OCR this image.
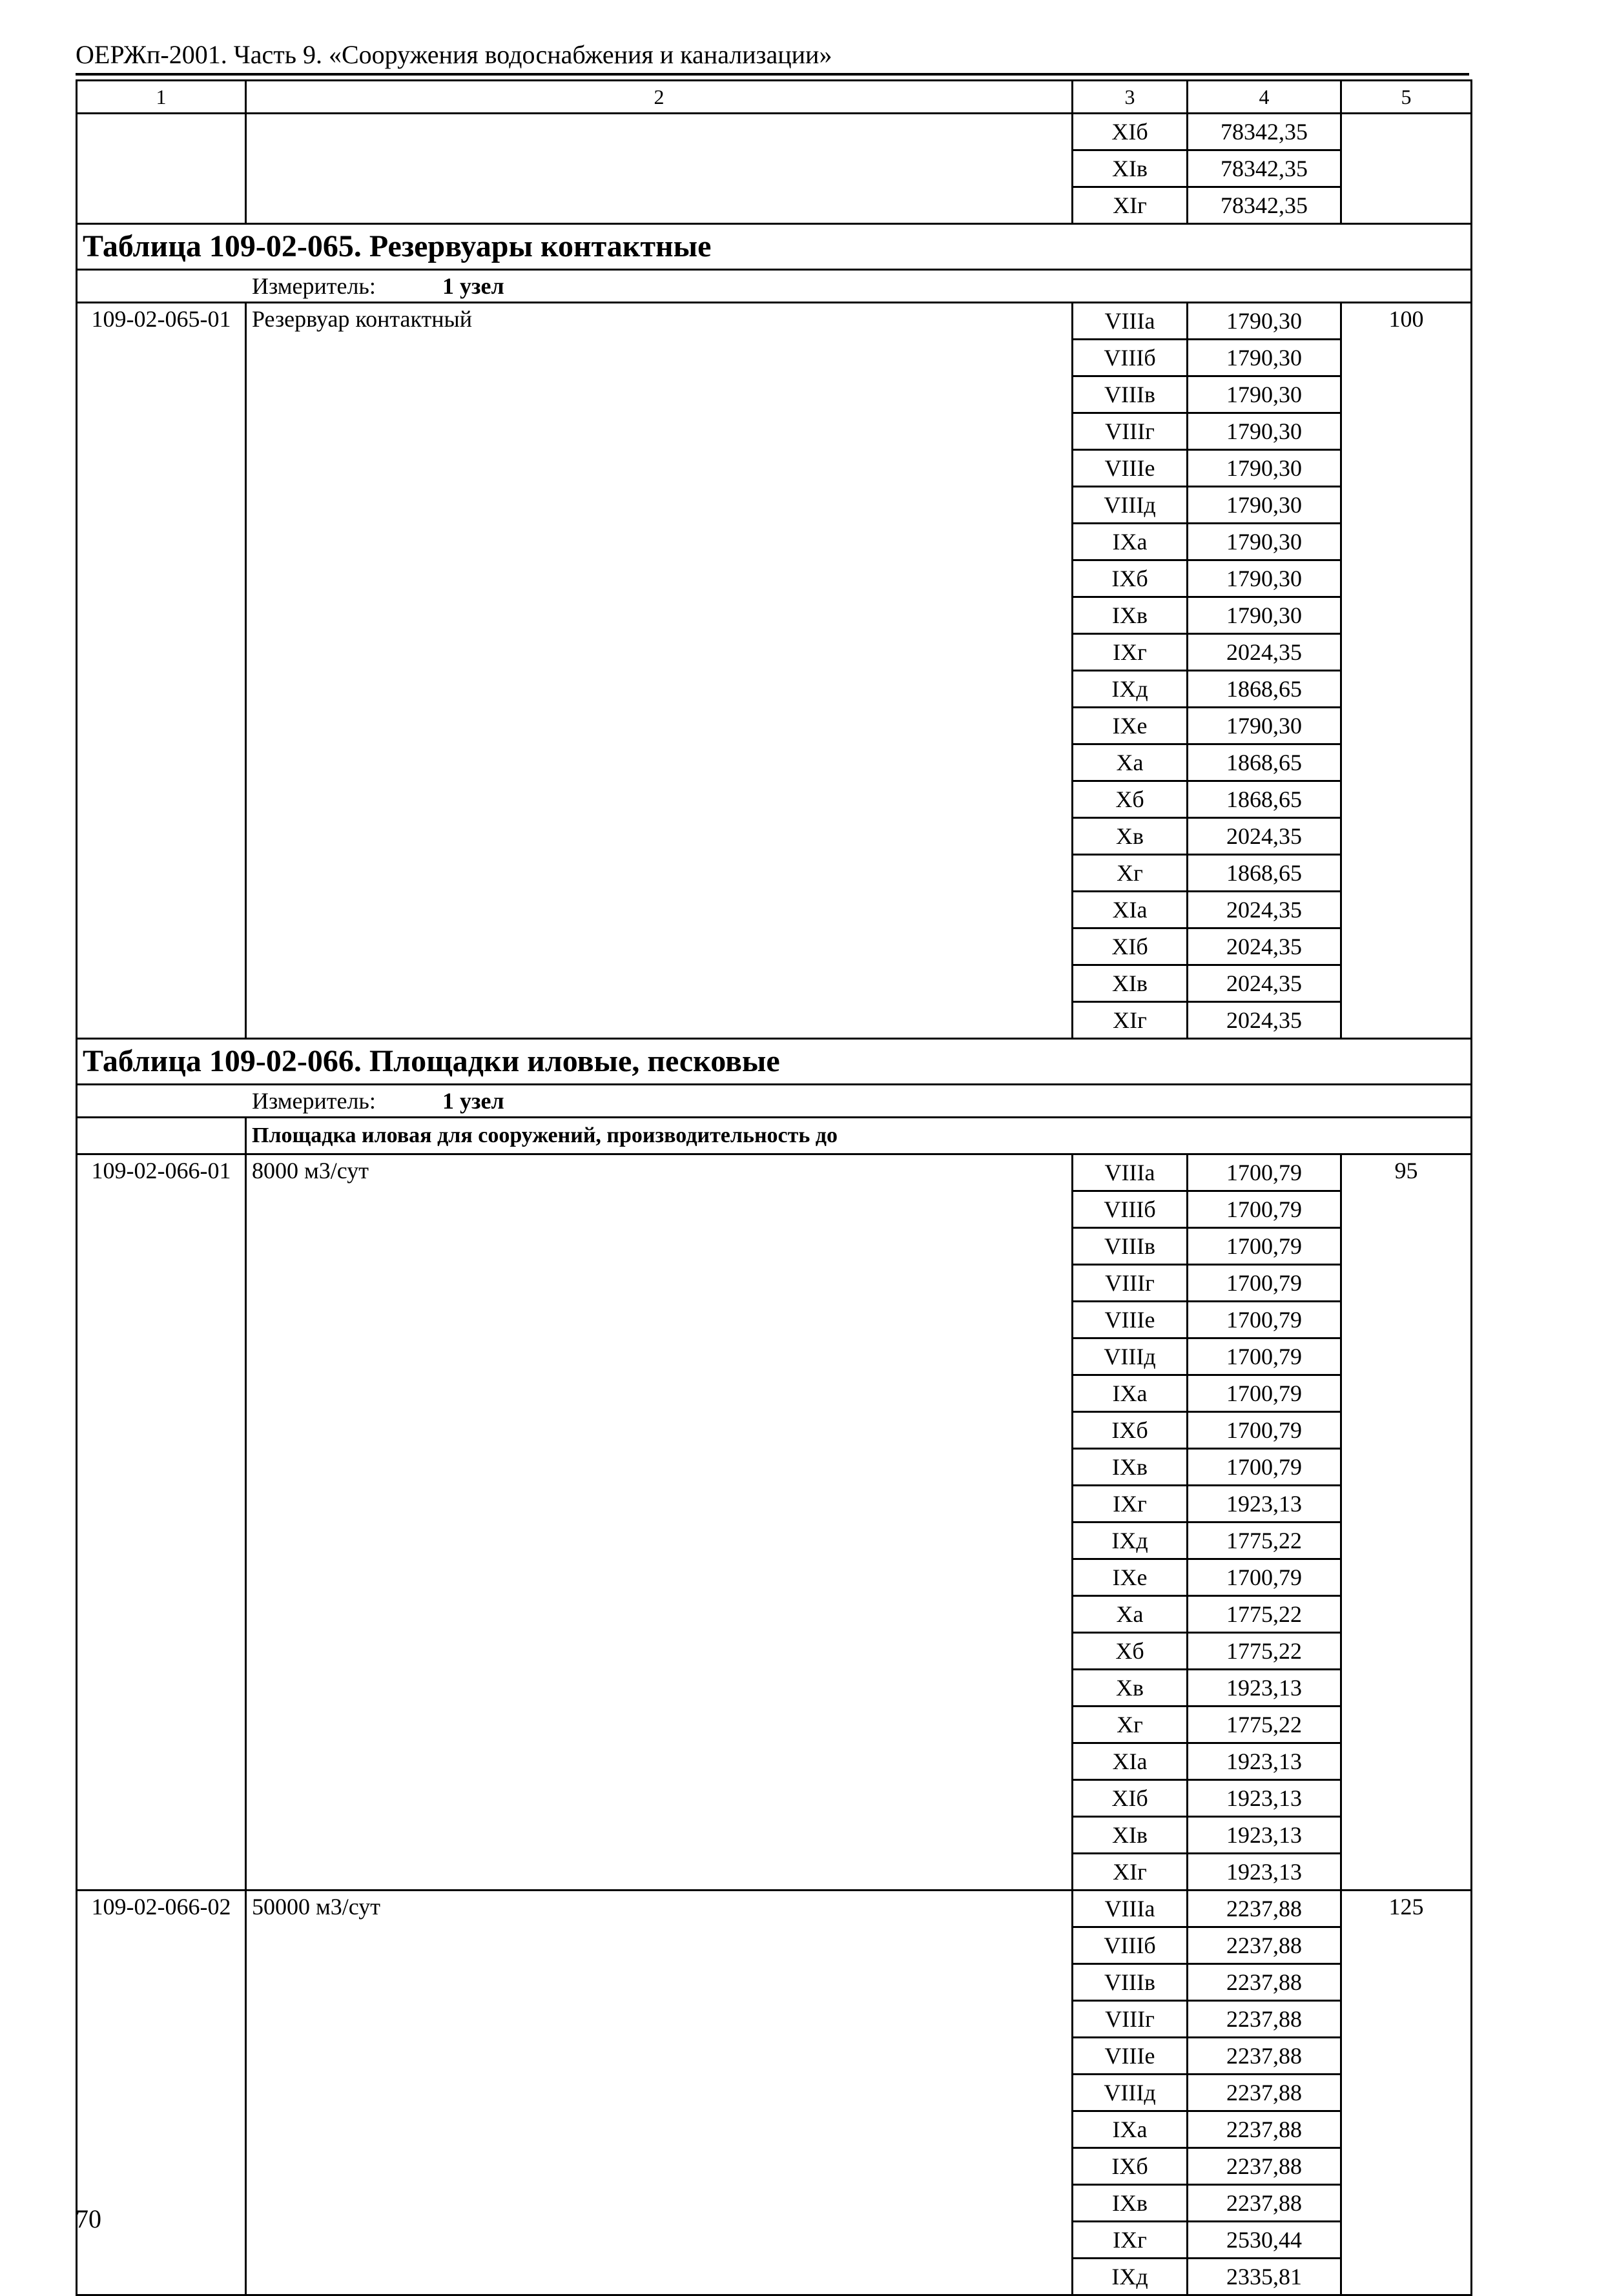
ОЕРЖп-2001. Часть 9. «Сооружения водоснабжения и канализации»
1	2	3	4	5
		XIб	78342,35	
		XIв	78342,35	
		XIг	78342,35	
Таблица 109-02-065. Резервуары контактные				
Измеритель: 1 узел				
109-02-065-01	Резервуар контактный	VIIIа	1790,30	100
		VIIIб	1790,30	
		VIIIв	1790,30	
		VIIIг	1790,30	
		VIIIе	1790,30	
		VIIIд	1790,30	
		IXа	1790,30	
		IXб	1790,30	
		IXв	1790,30	
		IXг	2024,35	
		IXд	1868,65	
		IXе	1790,30	
		Xа	1868,65	
		Xб	1868,65	
		Xв	2024,35	
		Xг	1868,65	
		XIа	2024,35	
		XIб	2024,35	
		XIв	2024,35	
		XIг	2024,35	
Таблица 109-02-066. Площадки иловые, песковые				
Измеритель: 1 узел				
	Площадка иловая для сооружений, производительность до			
109-02-066-01	8000 м3/сут	VIIIа	1700,79	95
		VIIIб	1700,79	
		VIIIв	1700,79	
		VIIIг	1700,79	
		VIIIе	1700,79	
		VIIIд	1700,79	
		IXа	1700,79	
		IXб	1700,79	
		IXв	1700,79	
		IXг	1923,13	
		IXд	1775,22	
		IXе	1700,79	
		Xа	1775,22	
		Xб	1775,22	
		Xв	1923,13	
		Xг	1775,22	
		XIа	1923,13	
		XIб	1923,13	
		XIв	1923,13	
		XIг	1923,13	
109-02-066-02	50000 м3/сут	VIIIа	2237,88	125
		VIIIб	2237,88	
		VIIIв	2237,88	
		VIIIг	2237,88	
		VIIIе	2237,88	
		VIIIд	2237,88	
		IXа	2237,88	
		IXб	2237,88	
		IXв	2237,88	
		IXг	2530,44	
		IXд	2335,81	
70
